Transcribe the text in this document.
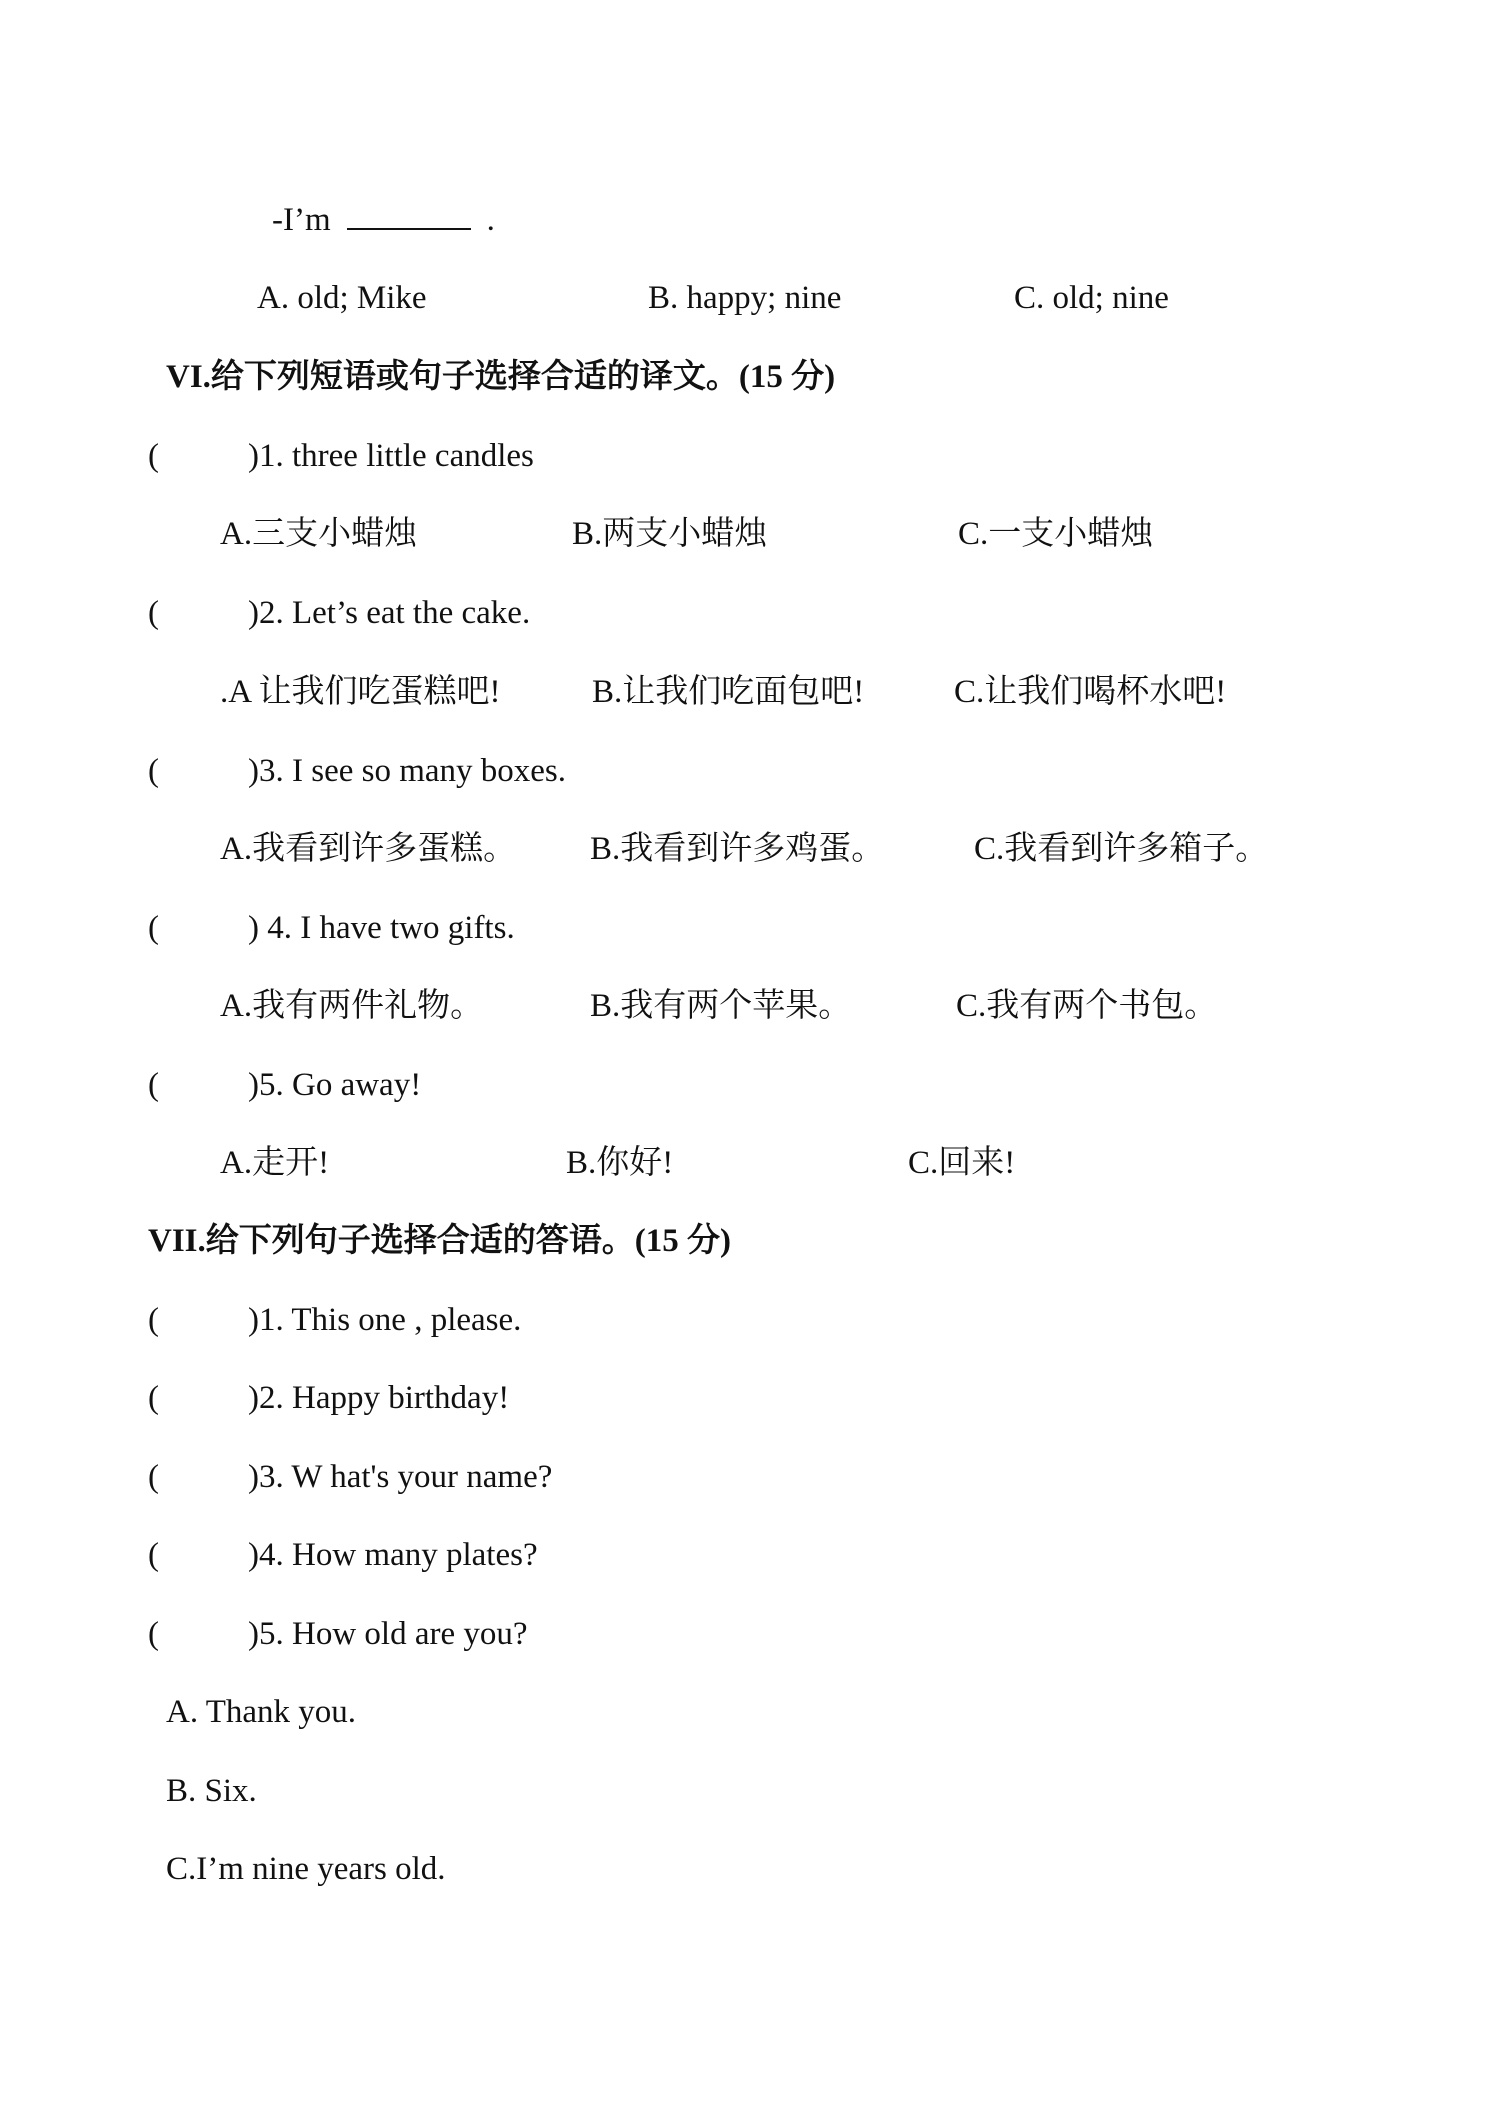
-I’m	.
A. old; Mike	B. happy; nine	C. old; nine
VI.给下列短语或句子选择合适的译文。(15 分)
(	)1. three little candles
A.三支小蜡烛	B.两支小蜡烛	C.一支小蜡烛
(	)2. Let’s eat the cake.
.A 让我们吃蛋糕吧!	B.让我们吃面包吧!	C.让我们喝杯水吧!
(	)3. I see so many boxes.
A.我看到许多蛋糕。 B.我看到许多鸡蛋。	C.我看到许多箱子。
(	) 4. I have two gifts.
A.我有两件礼物。	B.我有两个苹果。	C.我有两个书包。
(	)5. Go away!
A.走开!	B.你好!	C.回来!
VII.给下列句子选择合适的答语。(15 分)
(	)1. This one , please.
(	)2. Happy birthday!
(	)3. W hat's your name?
(	)4. How many plates?
(	)5. How old are you?
A. Thank you.
B. Six.
C.I’m nine years old.
